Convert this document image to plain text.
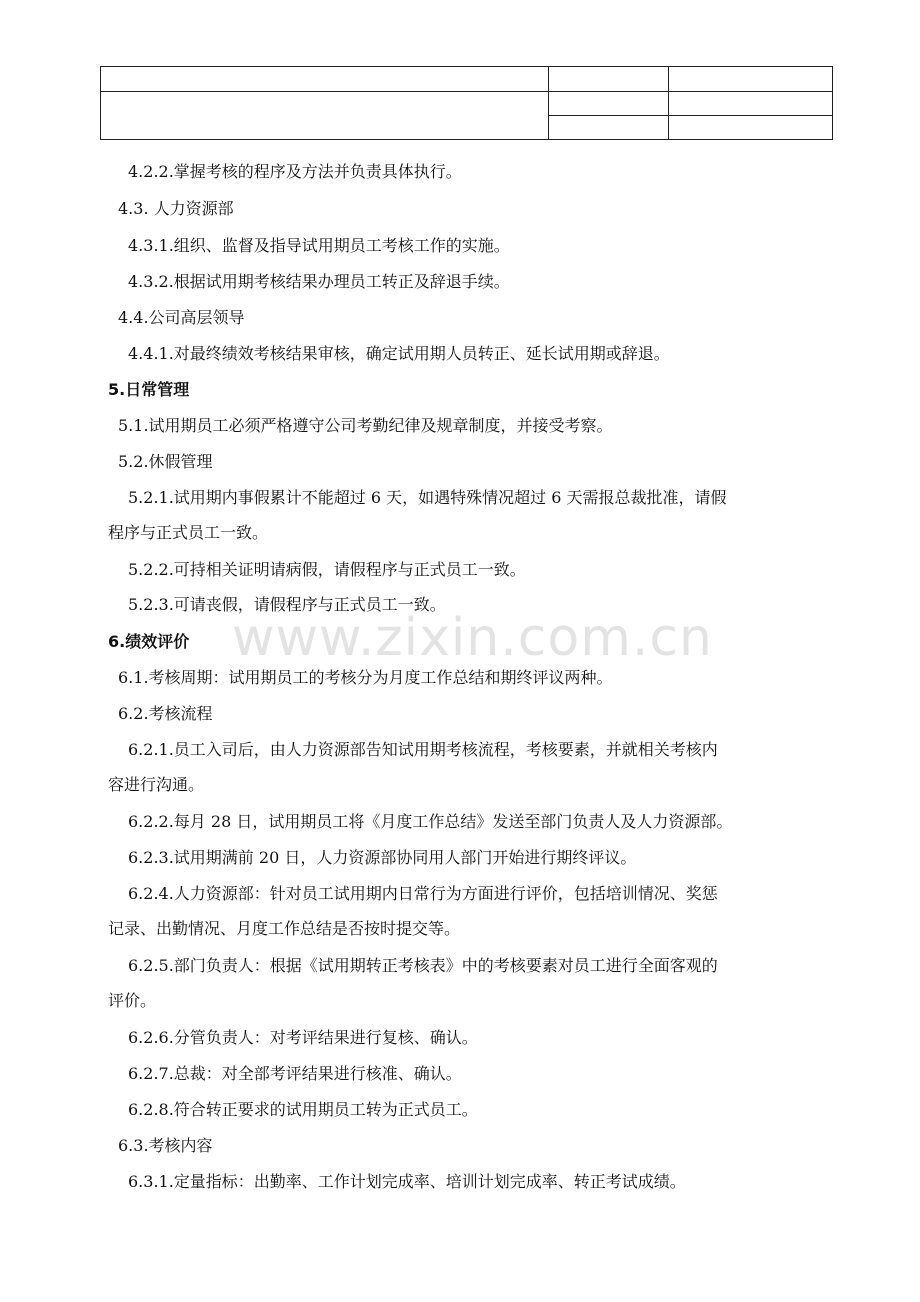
www.zixin.com.cn
4.2.2.掌握考核的程序及方法并负责具体执行。
4.3. 人力资源部
4.3.1.组织、监督及指导试用期员工考核工作的实施。
4.3.2.根据试用期考核结果办理员工转正及辞退手续。
4.4.公司高层领导
4.4.1.对最终绩效考核结果审核，确定试用期人员转正、延长试用期或辞退。
5.日常管理
5.1.试用期员工必须严格遵守公司考勤纪律及规章制度，并接受考察。
5.2.休假管理
5.2.1.试用期内事假累计不能超过 6 天，如遇特殊情况超过 6 天需报总裁批准，请假
程序与正式员工一致。
5.2.2.可持相关证明请病假，请假程序与正式员工一致。
5.2.3.可请丧假，请假程序与正式员工一致。
6.绩效评价
6.1.考核周期：试用期员工的考核分为月度工作总结和期终评议两种。
6.2.考核流程
6.2.1.员工入司后，由人力资源部告知试用期考核流程，考核要素，并就相关考核内
容进行沟通。
6.2.2.每月 28 日，试用期员工将《月度工作总结》发送至部门负责人及人力资源部。
6.2.3.试用期满前 20 日，人力资源部协同用人部门开始进行期终评议。
6.2.4.人力资源部：针对员工试用期内日常行为方面进行评价，包括培训情况、奖惩
记录、出勤情况、月度工作总结是否按时提交等。
6.2.5.部门负责人：根据《试用期转正考核表》中的考核要素对员工进行全面客观的
评价。
6.2.6.分管负责人：对考评结果进行复核、确认。
6.2.7.总裁：对全部考评结果进行核准、确认。
6.2.8.符合转正要求的试用期员工转为正式员工。
6.3.考核内容
6.3.1.定量指标：出勤率、工作计划完成率、培训计划完成率、转正考试成绩。
